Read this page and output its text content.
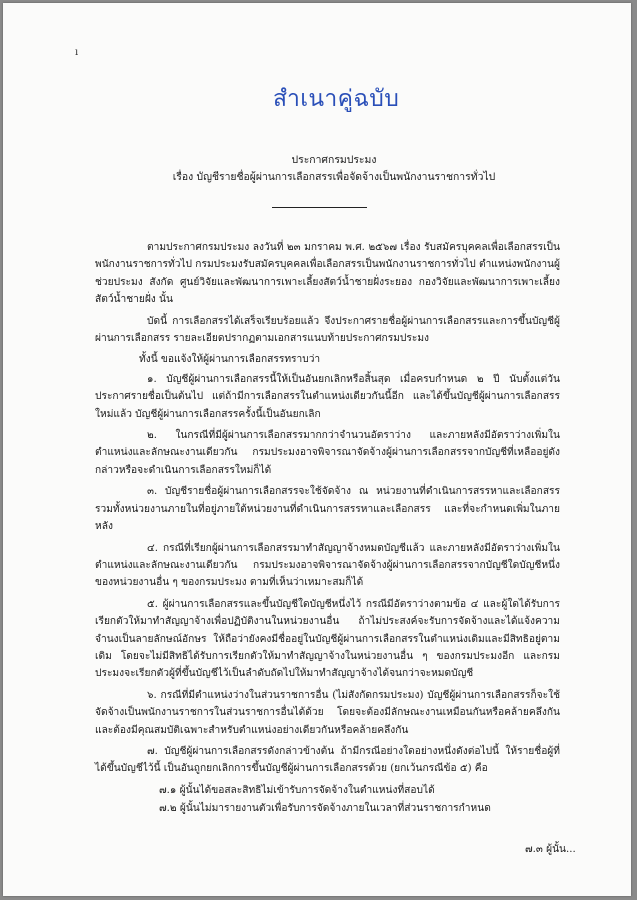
ı
สำเนาคู่ฉบับ
ประกาศกรมประมง
เรื่อง บัญชีรายชื่อผู้ผ่านการเลือกสรรเพื่อจัดจ้างเป็นพนักงานราชการทั่วไป

ตามประกาศกรมประมง ลงวันที่ ๒๓ มกราคม พ.ศ. ๒๕๖๗ เรื่อง รับสมัครบุคคลเพื่อเลือกสรรเป็นพนักงานราชการทั่วไป กรมประมงรับสมัครบุคคลเพื่อเลือกสรรเป็นพนักงานราชการทั่วไป ตำแหน่งพนักงานผู้ช่วยประมง สังกัด ศูนย์วิจัยและพัฒนาการเพาะเลี้ยงสัตว์น้ำชายฝั่งระยอง กองวิจัยและพัฒนาการเพาะเลี้ยงสัตว์น้ำชายฝั่ง นั้น

บัดนี้ การเลือกสรรได้เสร็จเรียบร้อยแล้ว จึงประกาศรายชื่อผู้ผ่านการเลือกสรรและการขึ้นบัญชีผู้ผ่านการเลือกสรร รายละเอียดปรากฏตามเอกสารแนบท้ายประกาศกรมประมง

ทั้งนี้ ขอแจ้งให้ผู้ผ่านการเลือกสรรทราบว่า

๑. บัญชีผู้ผ่านการเลือกสรรนี้ให้เป็นอันยกเลิกหรือสิ้นสุด เมื่อครบกำหนด ๒ ปี นับตั้งแต่วันประกาศรายชื่อเป็นต้นไป แต่ถ้ามีการเลือกสรรในตำแหน่งเดียวกันนี้อีก และได้ขึ้นบัญชีผู้ผ่านการเลือกสรรใหม่แล้ว บัญชีผู้ผ่านการเลือกสรรครั้งนี้เป็นอันยกเลิก

๒. ในกรณีที่มีผู้ผ่านการเลือกสรรมากกว่าจำนวนอัตราว่าง และภายหลังมีอัตราว่างเพิ่มในตำแหน่งและลักษณะงานเดียวกัน กรมประมงอาจพิจารณาจัดจ้างผู้ผ่านการเลือกสรรจากบัญชีที่เหลืออยู่ดังกล่าวหรือจะดำเนินการเลือกสรรใหม่ก็ได้

๓. บัญชีรายชื่อผู้ผ่านการเลือกสรรจะใช้จัดจ้าง ณ หน่วยงานที่ดำเนินการสรรหาและเลือกสรรรวมทั้งหน่วยงานภายในที่อยู่ภายใต้หน่วยงานที่ดำเนินการสรรหาและเลือกสรร และที่จะกำหนดเพิ่มในภายหลัง

๔. กรณีที่เรียกผู้ผ่านการเลือกสรรมาทำสัญญาจ้างหมดบัญชีแล้ว และภายหลังมีอัตราว่างเพิ่มในตำแหน่งและลักษณะงานเดียวกัน กรมประมงอาจพิจารณาจัดจ้างผู้ผ่านการเลือกสรรจากบัญชีใดบัญชีหนึ่งของหน่วยงานอื่น ๆ ของกรมประมง ตามที่เห็นว่าเหมาะสมก็ได้

๕. ผู้ผ่านการเลือกสรรและขึ้นบัญชีใดบัญชีหนึ่งไว้ กรณีมีอัตราว่างตามข้อ ๔ และผู้ใดได้รับการเรียกตัวให้มาทำสัญญาจ้างเพื่อปฏิบัติงานในหน่วยงานอื่น ถ้าไม่ประสงค์จะรับการจัดจ้างและได้แจ้งความจำนงเป็นลายลักษณ์อักษร ให้ถือว่ายังคงมีชื่ออยู่ในบัญชีผู้ผ่านการเลือกสรรในตำแหน่งเดิมและมีสิทธิอยู่ตามเดิม โดยจะไม่มีสิทธิได้รับการเรียกตัวให้มาทำสัญญาจ้างในหน่วยงานอื่น ๆ ของกรมประมงอีก และกรมประมงจะเรียกตัวผู้ที่ขึ้นบัญชีไว้เป็นลำดับถัดไปให้มาทำสัญญาจ้างได้จนกว่าจะหมดบัญชี

๖. กรณีที่มีตำแหน่งว่างในส่วนราชการอื่น (ไม่สังกัดกรมประมง) บัญชีผู้ผ่านการเลือกสรรก็จะใช้จัดจ้างเป็นพนักงานราชการในส่วนราชการอื่นได้ด้วย โดยจะต้องมีลักษณะงานเหมือนกันหรือคล้ายคลึงกันและต้องมีคุณสมบัติเฉพาะสำหรับตำแหน่งอย่างเดียวกันหรือคล้ายคลึงกัน

๗. บัญชีผู้ผ่านการเลือกสรรดังกล่าวข้างต้น ถ้ามีกรณีอย่างใดอย่างหนึ่งดังต่อไปนี้ ให้รายชื่อผู้ที่ได้ขึ้นบัญชีไว้นี้ เป็นอันถูกยกเลิกการขึ้นบัญชีผู้ผ่านการเลือกสรรด้วย (ยกเว้นกรณีข้อ ๕) คือ

๗.๑ ผู้นั้นได้ขอสละสิทธิไม่เข้ารับการจัดจ้างในตำแหน่งที่สอบได้

๗.๒ ผู้นั้นไม่มารายงานตัวเพื่อรับการจัดจ้างภายในเวลาที่ส่วนราชการกำหนด

๗.๓ ผู้นั้น...
